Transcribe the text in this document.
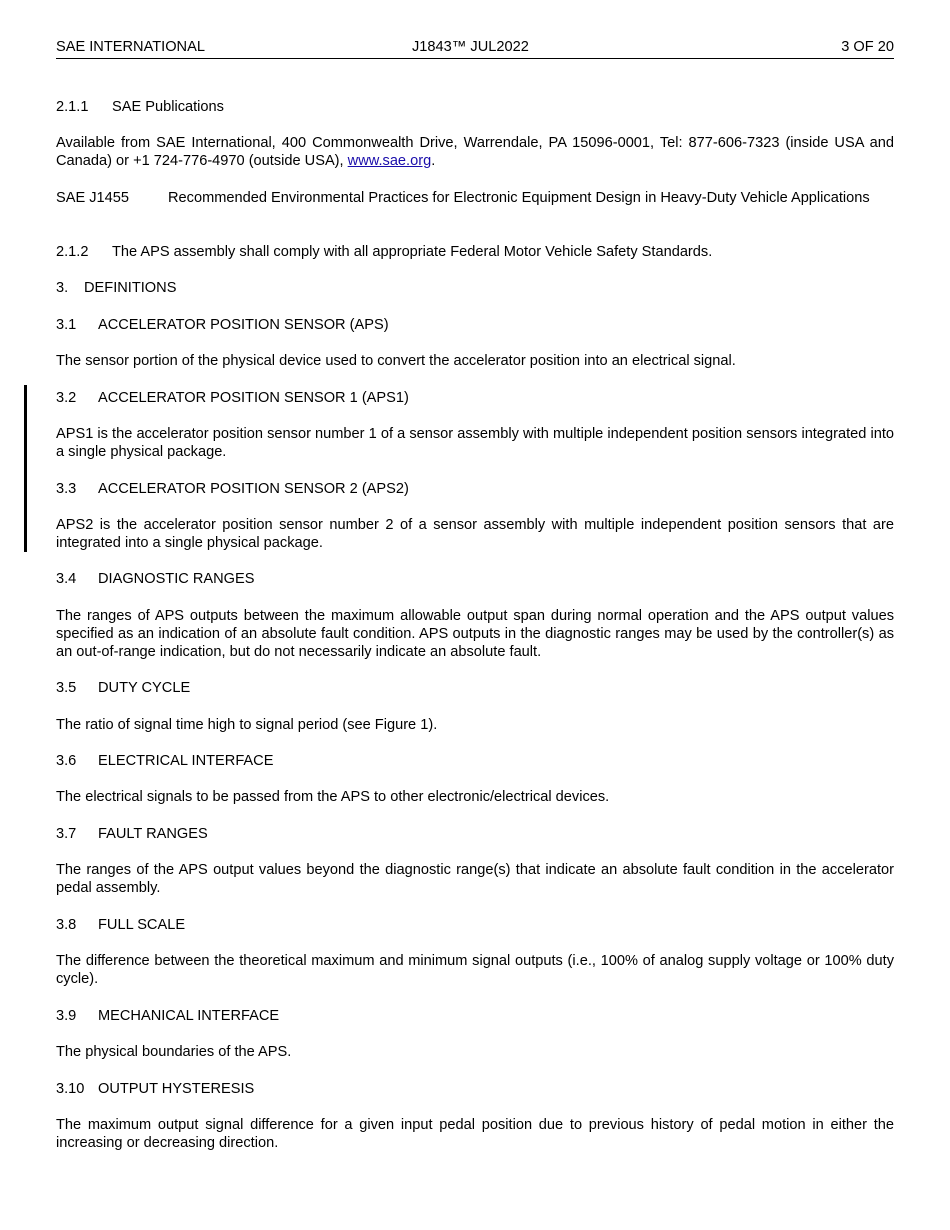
SAE INTERNATIONAL	J1843™ JUL2022	3 OF 20
2.1.1 SAE Publications
Available from SAE International, 400 Commonwealth Drive, Warrendale, PA 15096-0001, Tel: 877-606-7323 (inside USA and Canada) or +1 724-776-4970 (outside USA), www.sae.org.
SAE J1455	Recommended Environmental Practices for Electronic Equipment Design in Heavy-Duty Vehicle Applications
2.1.2 The APS assembly shall comply with all appropriate Federal Motor Vehicle Safety Standards.
3. DEFINITIONS
3.1 ACCELERATOR POSITION SENSOR (APS)
The sensor portion of the physical device used to convert the accelerator position into an electrical signal.
3.2 ACCELERATOR POSITION SENSOR 1 (APS1)
APS1 is the accelerator position sensor number 1 of a sensor assembly with multiple independent position sensors integrated into a single physical package.
3.3 ACCELERATOR POSITION SENSOR 2 (APS2)
APS2 is the accelerator position sensor number 2 of a sensor assembly with multiple independent position sensors that are integrated into a single physical package.
3.4 DIAGNOSTIC RANGES
The ranges of APS outputs between the maximum allowable output span during normal operation and the APS output values specified as an indication of an absolute fault condition. APS outputs in the diagnostic ranges may be used by the controller(s) as an out-of-range indication, but do not necessarily indicate an absolute fault.
3.5 DUTY CYCLE
The ratio of signal time high to signal period (see Figure 1).
3.6 ELECTRICAL INTERFACE
The electrical signals to be passed from the APS to other electronic/electrical devices.
3.7 FAULT RANGES
The ranges of the APS output values beyond the diagnostic range(s) that indicate an absolute fault condition in the accelerator pedal assembly.
3.8 FULL SCALE
The difference between the theoretical maximum and minimum signal outputs (i.e., 100% of analog supply voltage or 100% duty cycle).
3.9 MECHANICAL INTERFACE
The physical boundaries of the APS.
3.10 OUTPUT HYSTERESIS
The maximum output signal difference for a given input pedal position due to previous history of pedal motion in either the increasing or decreasing direction.
